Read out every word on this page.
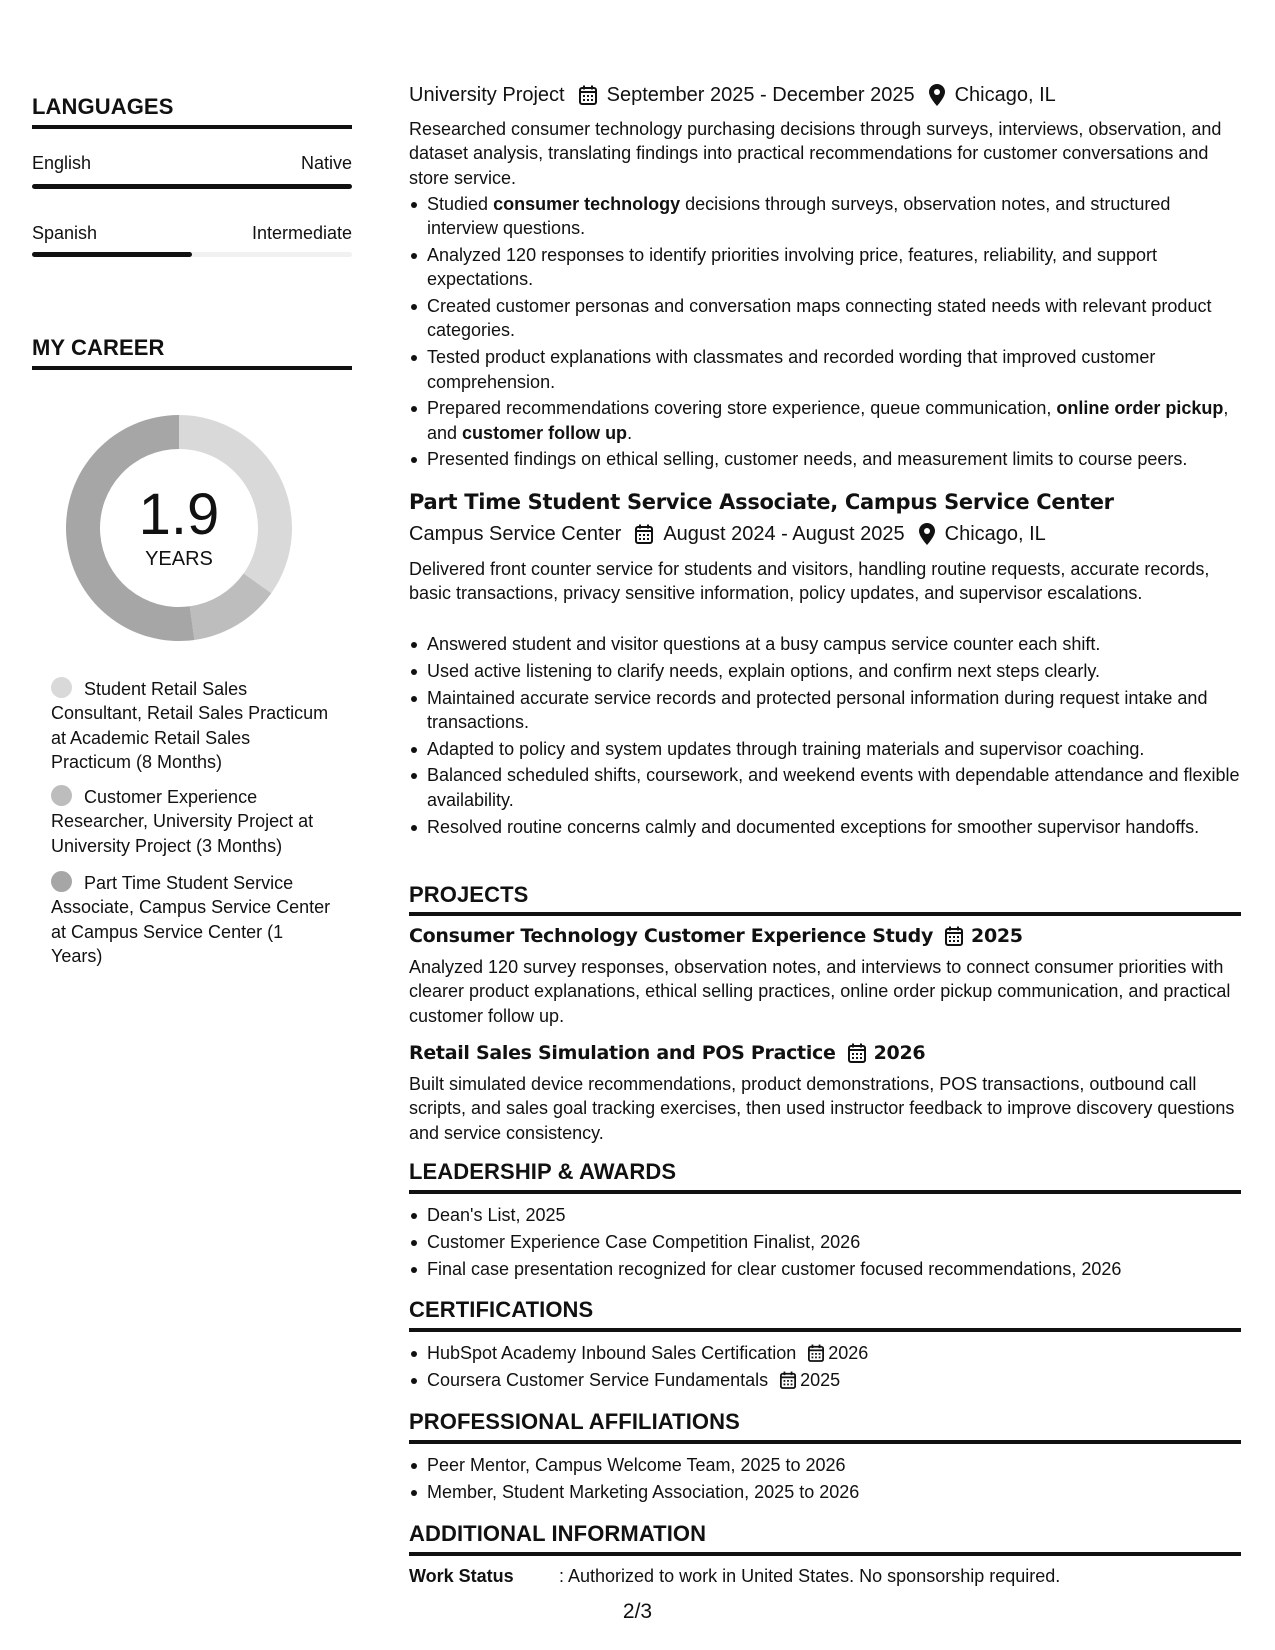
LANGUAGES
English	Native
Spanish	Intermediate
MY CAREER
1.9
YEARS
Student Retail Sales Consultant, Retail Sales Practicum at Academic Retail Sales Practicum (8 Months)
Customer Experience Researcher, University Project at University Project (3 Months)
Part Time Student Service Associate, Campus Service Center at Campus Service Center (1 Years)
University Project September 2025 - December 2025 Chicago, IL
Researched consumer technology purchasing decisions through surveys, interviews, observation, and dataset analysis, translating findings into practical recommendations for customer conversations and store service.
Studied consumer technology decisions through surveys, observation notes, and structured interview questions.
Analyzed 120 responses to identify priorities involving price, features, reliability, and support expectations.
Created customer personas and conversation maps connecting stated needs with relevant product categories.
Tested product explanations with classmates and recorded wording that improved customer comprehension.
Prepared recommendations covering store experience, queue communication, online order pickup, and customer follow up.
Presented findings on ethical selling, customer needs, and measurement limits to course peers.
Part Time Student Service Associate, Campus Service Center
Campus Service Center August 2024 - August 2025 Chicago, IL
Delivered front counter service for students and visitors, handling routine requests, accurate records, basic transactions, privacy sensitive information, policy updates, and supervisor escalations.
Answered student and visitor questions at a busy campus service counter each shift.
Used active listening to clarify needs, explain options, and confirm next steps clearly.
Maintained accurate service records and protected personal information during request intake and transactions.
Adapted to policy and system updates through training materials and supervisor coaching.
Balanced scheduled shifts, coursework, and weekend events with dependable attendance and flexible availability.
Resolved routine concerns calmly and documented exceptions for smoother supervisor handoffs.
PROJECTS
Consumer Technology Customer Experience Study 2025
Analyzed 120 survey responses, observation notes, and interviews to connect consumer priorities with clearer product explanations, ethical selling practices, online order pickup communication, and practical customer follow up.
Retail Sales Simulation and POS Practice 2026
Built simulated device recommendations, product demonstrations, POS transactions, outbound call scripts, and sales goal tracking exercises, then used instructor feedback to improve discovery questions and service consistency.
LEADERSHIP & AWARDS
Dean's List, 2025
Customer Experience Case Competition Finalist, 2026
Final case presentation recognized for clear customer focused recommendations, 2026
CERTIFICATIONS
HubSpot Academy Inbound Sales Certification 2026
Coursera Customer Service Fundamentals 2025
PROFESSIONAL AFFILIATIONS
Peer Mentor, Campus Welcome Team, 2025 to 2026
Member, Student Marketing Association, 2025 to 2026
ADDITIONAL INFORMATION
Work Status	: Authorized to work in United States. No sponsorship required.
2/3
